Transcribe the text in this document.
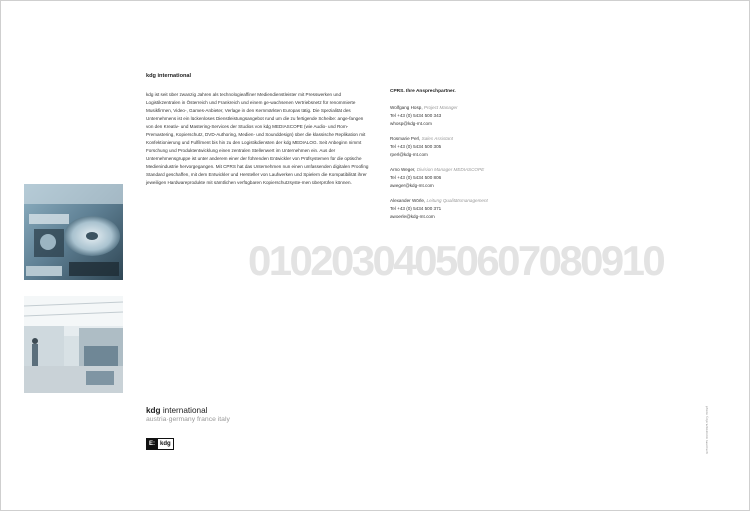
kdg international

kdg ist seit über zwanzig Jahren als technologieaffiner Mediendienstleister mit Presswerken und Logistikzentralen in Österreich und Frankreich und einem ge-wachsenen Vertriebsnetz für renommierte Musikfirmen, Video-, Games-Anbieter, Verlage in den Kernmärkten Europas tätig. Die Spezialität des Unternehmens ist ein lückenloses Dienstleistungsangebot rund um die zu fertigende Scheibe: ange-fangen von den Kreativ- und Mastering-Services der Studios von kdg MEDIASCOPE (wie Audio- und Rom-Premastering, Kopierschutz, DVD-Authoring, Medien- und Sounddesign) über die klassische Replikation mit Konfektionierung und Fulfilment bis hin zu den Logistikdiensten der kdg MEDIALOG. Seit Anbeginn nimmt Forschung und Produktentwicklung einen zentralen Stellenwert im Unternehmen ein. Aus der Unternehmensgruppe ist unter anderem einer der führenden Entwickler von Prüfsystemen für die optische Medienindustrie hervorgegangen. Mit CPRS hat das Unternehmen nun einen umfassenden digitalen Proofing Standard geschaffen, mit dem Entwickler und Hersteller von Laufwerken und Spielern die Kompatibilität ihrer jeweiligen Hardwareprodukte mit sämtlichen verfügbaren Kopierschutzsyste-men überprüfen können.

CPRS. Ihre Ansprechpartner.
Wolfgang Hosp, Project Manager
Tel +43 (0) 5434 500 343
whosp@kdg-mt.com
Rosmarie Perl, Sales Assistant
Tel +43 (0) 5434 500 305
rperl@kdg-mt.com
Arno Weger, Division Manager MEDIASCOPE
Tel +43 (0) 5434 500 806
aweger@kdg-mt.com
Alexander Wörle, Leitung Qualitätsmanagement
Tel +43 (0) 5434 500 371
awoerle@kdg-mt.com
01020304050607080910
kdg international
austria·germany france italy
E: kdg	photo ©cprs/dominik lauritsch
